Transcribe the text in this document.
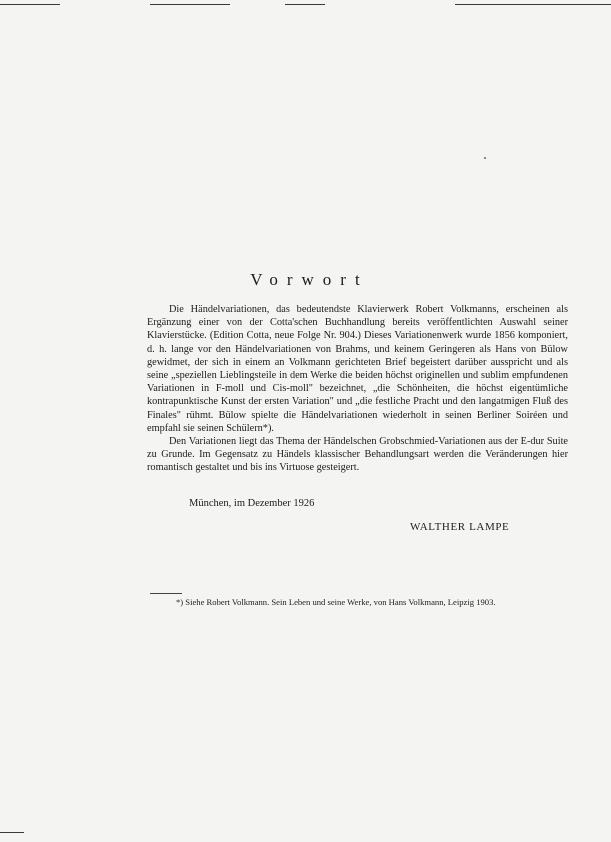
Vorwort

Die Händelvariationen, das bedeutendste Klavierwerk Robert Volkmanns, erscheinen als Ergänzung einer von der Cotta'schen Buchhandlung bereits veröffentlichten Auswahl seiner Klavierstücke. (Edition Cotta, neue Folge Nr. 904.) Dieses Variationenwerk wurde 1856 komponiert, d. h. lange vor den Händelvariationen von Brahms, und keinem Geringeren als Hans von Bülow gewidmet, der sich in einem an Volkmann gerichteten Brief begeistert darüber ausspricht und als seine „speziellen Lieblingsteile in dem Werke die beiden höchst originellen und sublim empfundenen Variationen in F-moll und Cis-moll" bezeichnet, „die Schönheiten, die höchst eigentümliche kontrapunktische Kunst der ersten Variation" und „die festliche Pracht und den langatmigen Fluß des Finales" rühmt. Bülow spielte die Händelvariationen wiederholt in seinen Berliner Soiréen und empfahl sie seinen Schülern*).

Den Variationen liegt das Thema der Händelschen Grobschmied-Variationen aus der E-dur Suite zu Grunde. Im Gegensatz zu Händels klassischer Behandlungsart werden die Veränderungen hier romantisch gestaltet und bis ins Virtuose gesteigert.

München, im Dezember 1926
WALTHER LAMPE
*) Siehe Robert Volkmann. Sein Leben und seine Werke, von Hans Volkmann, Leipzig 1903.
